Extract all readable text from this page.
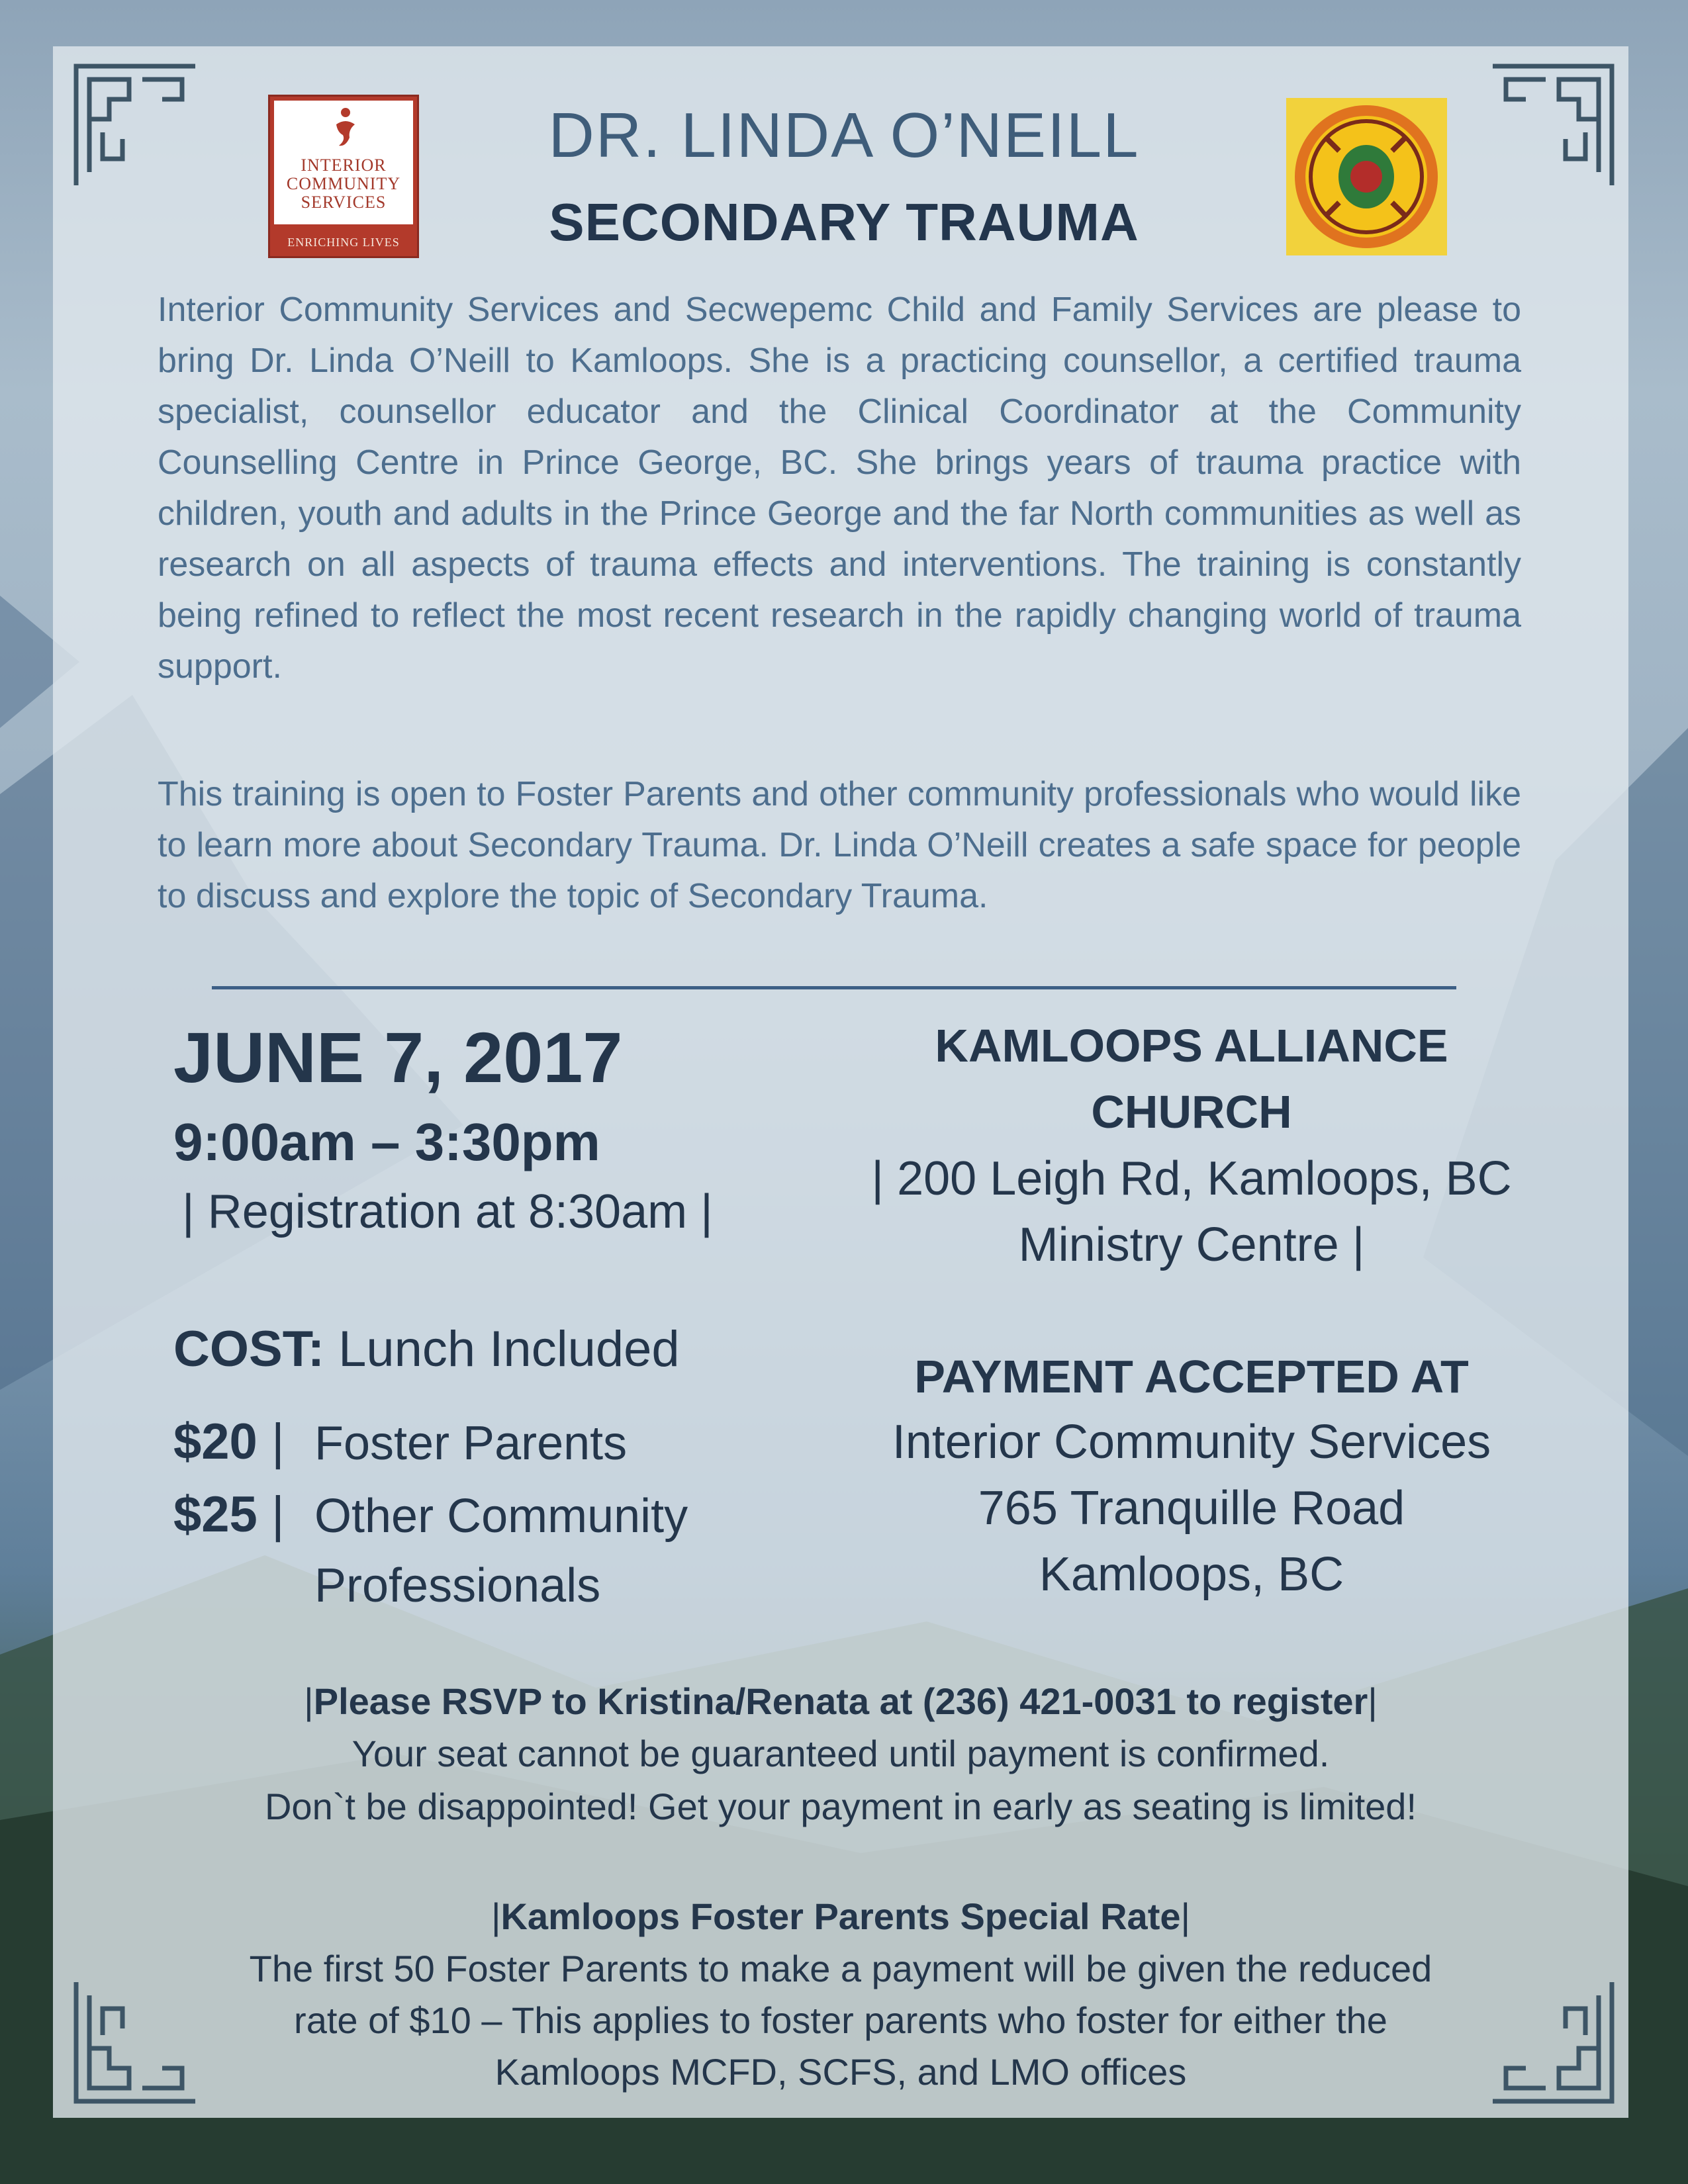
INTERIOR
COMMUNITY
SERVICES
ENRICHING LIVES
DR. LINDA O’NEILL
SECONDARY TRAUMA
Interior Community Services and Secwepemc Child and Family Services are please to bring Dr. Linda O’Neill to Kamloops. She is a practicing counsellor, a certified trauma specialist, counsellor educator and the Clinical Coordinator at the Community Counselling Centre in Prince George, BC. She brings years of trauma practice with children, youth and adults in the Prince George and the far North communities as well as research on all aspects of trauma effects and interventions. The training is constantly being refined to reflect the most recent research in the rapidly changing world of trauma support.
This training is open to Foster Parents and other community professionals who would like to learn more about Secondary Trauma. Dr. Linda O’Neill creates a safe space for people to discuss and explore the topic of Secondary Trauma.
JUNE 7, 2017
9:00am – 3:30pm
| Registration at 8:30am |
COST: Lunch Included
$20 | Foster Parents
$25 | Other Community
Professionals
KAMLOOPS ALLIANCE
CHURCH
| 200 Leigh Rd, Kamloops, BC
Ministry Centre |
PAYMENT ACCEPTED AT
Interior Community Services
765 Tranquille Road
Kamloops, BC
|Please RSVP to Kristina/Renata at (236) 421-0031 to register|
Your seat cannot be guaranteed until payment is confirmed.
Don`t be disappointed! Get your payment in early as seating is limited!
|Kamloops Foster Parents Special Rate|
The first 50 Foster Parents to make a payment will be given the reduced
rate of $10 – This applies to foster parents who foster for either the
Kamloops MCFD, SCFS, and LMO offices
